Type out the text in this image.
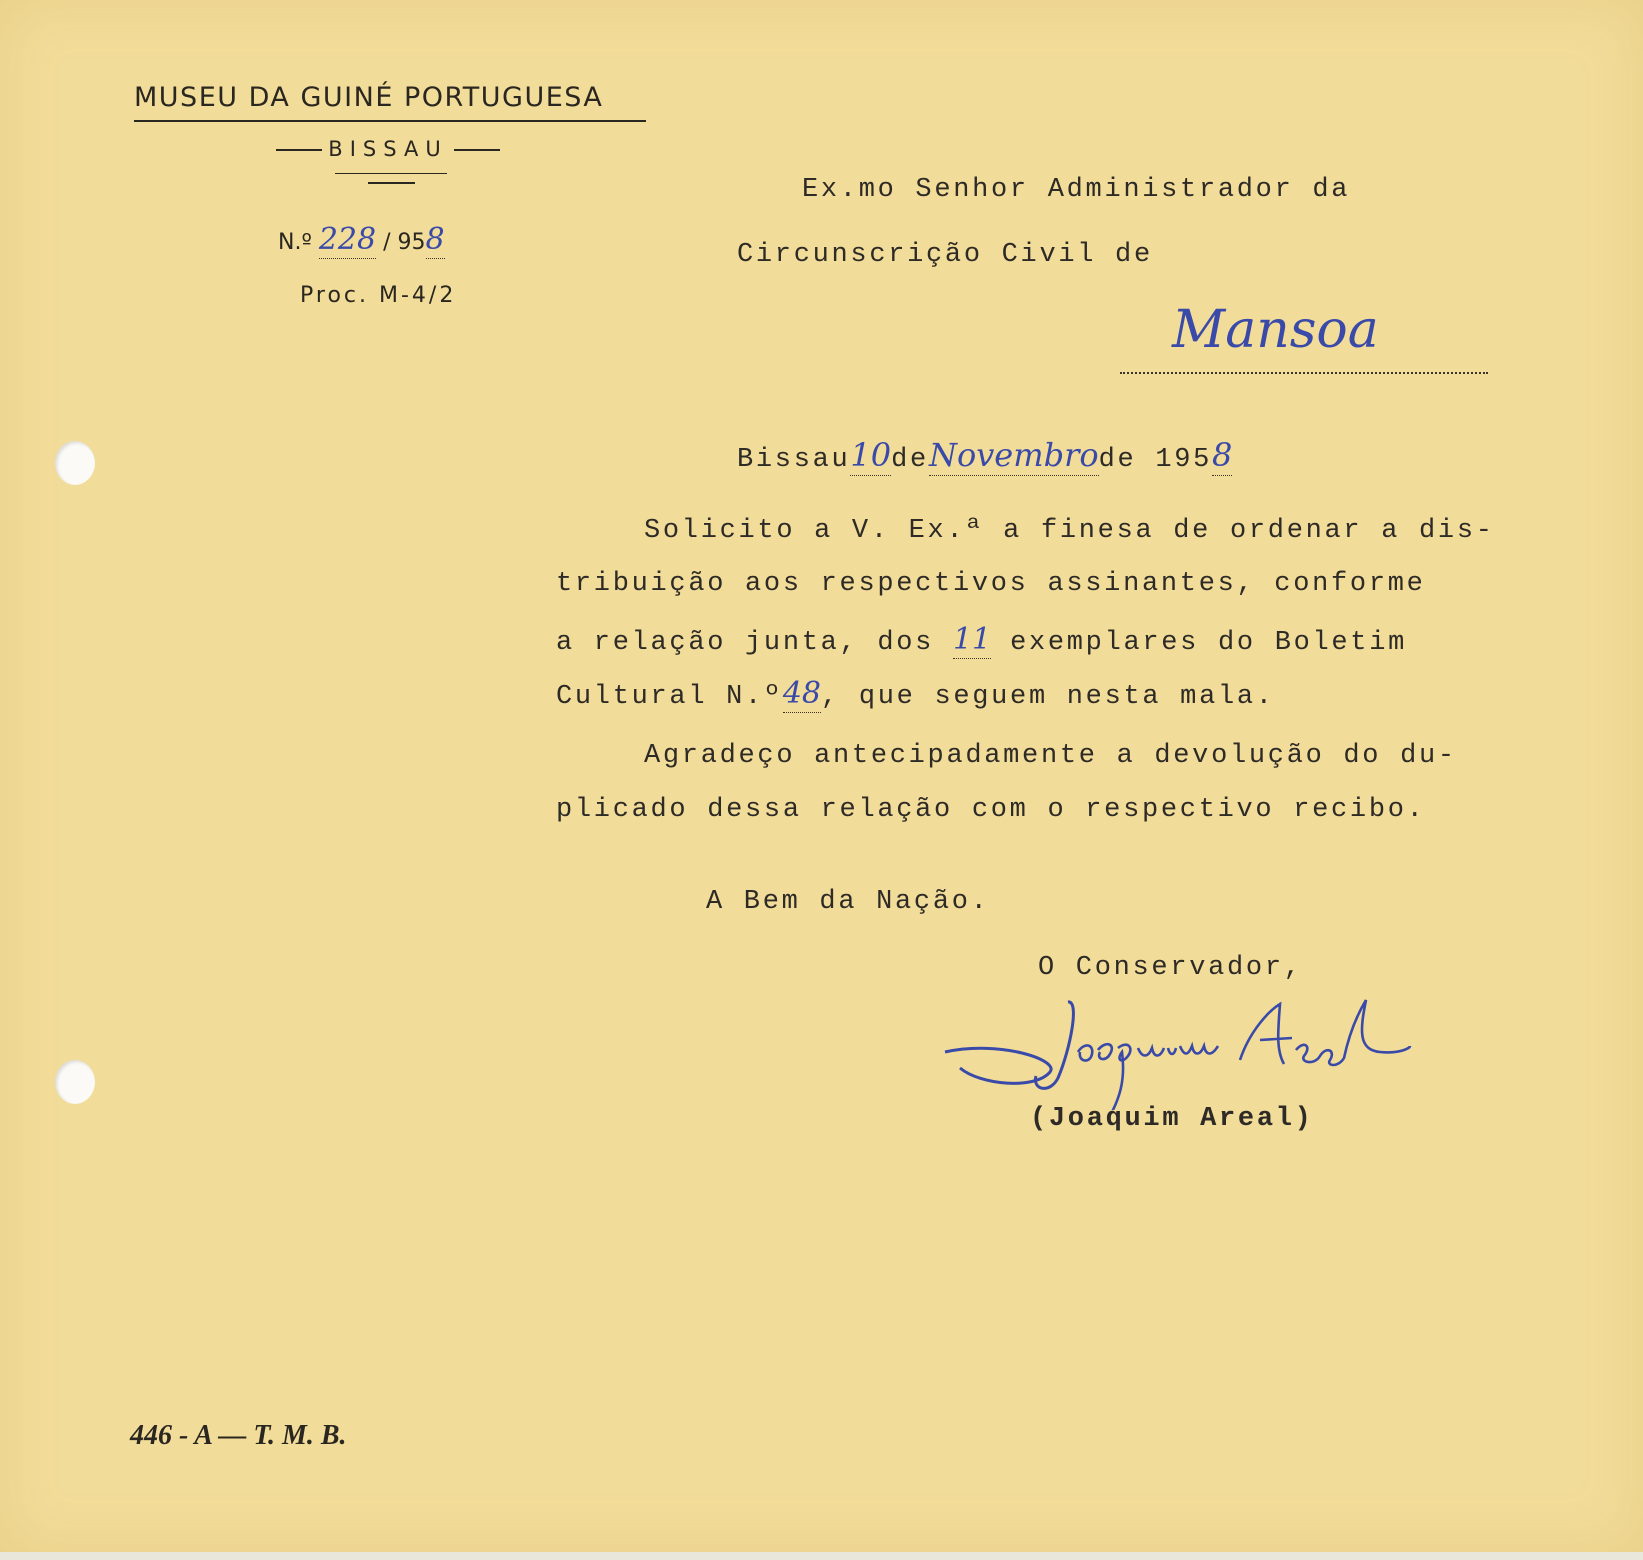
MUSEU DA GUINÉ PORTUGUESA
BISSAU
N.º 228 / 958
Proc. M-4/2
Ex.mo Senhor Administrador da
Circunscrição Civil de
Mansoa
Bissau10deNovembrode 1958
Solicito a V. Ex.ª a finesa de ordenar a dis-
tribuição aos respectivos assinantes, conforme
a relação junta, dos 11 exemplares do Boletim
Cultural N.º48, que seguem nesta mala.
Agradeço antecipadamente a devolução do du-
plicado dessa relação com o respectivo recibo.
A Bem da Nação.
O Conservador,
(Joaquim Areal)
446 - A — T. M. B.
